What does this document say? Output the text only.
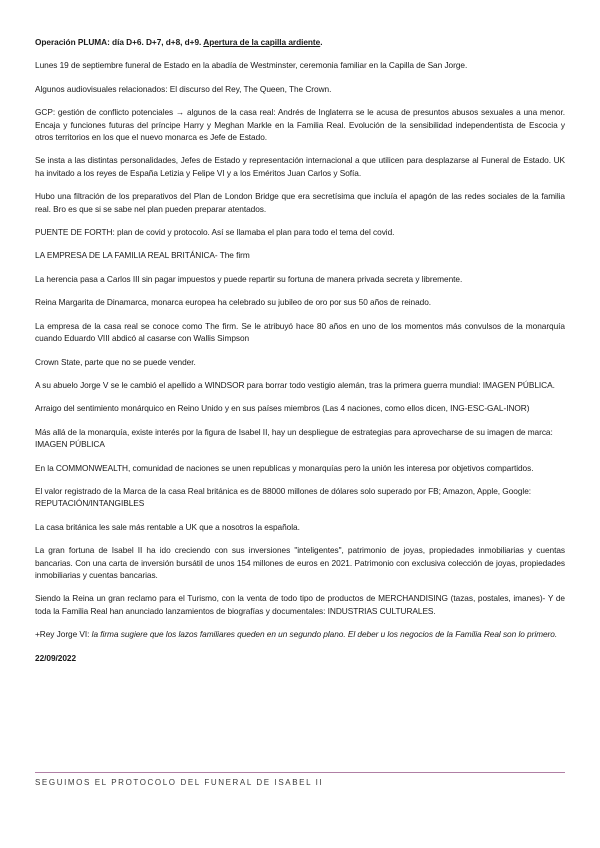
Operación PLUMA: día D+6. D+7, d+8, d+9. Apertura de la capilla ardiente.

Lunes 19 de septiembre funeral de Estado en la abadía de Westminster, ceremonia familiar en la Capilla de San Jorge.

Algunos audiovisuales relacionados: El discurso del Rey, The Queen, The Crown.

GCP: gestión de conflicto potenciales → algunos de la casa real: Andrés de Inglaterra se le acusa de presuntos abusos sexuales a una menor. Encaja y funciones futuras del príncipe Harry y Meghan Markle en la Familia Real. Evolución de la sensibilidad independentista de Escocia y otros territorios en los que el nuevo monarca es Jefe de Estado.

Se insta a las distintas personalidades, Jefes de Estado y representación internacional a que utilicen para desplazarse al Funeral de Estado. UK ha invitado a los reyes de España Letizia y Felipe VI y a los Eméritos Juan Carlos y Sofía.

Hubo una filtración de los preparativos del Plan de London Bridge que era secretísima que incluía el apagón de las redes sociales de la familia real. Bro es que si se sabe nel plan pueden preparar atentados.

PUENTE DE FORTH: plan de covid y protocolo. Así se llamaba el plan para todo el tema del covid.

LA EMPRESA DE LA FAMILIA REAL BRITÁNICA- The firm

La herencia pasa a Carlos III sin pagar impuestos y puede repartir su fortuna de manera privada secreta y libremente.

Reina Margarita de Dinamarca, monarca europea ha celebrado su jubileo de oro por sus 50 años de reinado.

La empresa de la casa real se conoce como The firm. Se le atribuyó hace 80 años en uno de los momentos más convulsos de la monarquía cuando Eduardo VIII abdicó al casarse con Wallis Simpson

Crown State, parte que no se puede vender.

A su abuelo Jorge V se le cambió el apellido a WINDSOR para borrar todo vestigio alemán, tras la primera guerra mundial: IMAGEN PÚBLICA.

Arraigo del sentimiento monárquico en Reino Unido y en sus países miembros (Las 4 naciones, como ellos dicen, ING-ESC-GAL-INOR)

Más allá de la monarquía, existe interés por la figura de Isabel II, hay un despliegue de estrategias para aprovecharse de su imagen de marca: IMAGEN PÚBLICA

En la COMMONWEALTH, comunidad de naciones se unen republicas y monarquías pero la unión les interesa por objetivos compartidos.

El valor registrado de la Marca de la casa Real británica es de 88000 millones de dólares solo superado por FB; Amazon, Apple, Google: REPUTACIÓN/INTANGIBLES

La casa británica les sale más rentable a UK que a nosotros la española.

La gran fortuna de Isabel II ha ido creciendo con sus inversiones "inteligentes", patrimonio de joyas, propiedades inmobiliarias y cuentas bancarias. Con una carta de inversión bursátil de unos 154 millones de euros en 2021. Patrimonio con exclusiva colección de joyas, propiedades inmobiliarias y cuentas bancarias.

Siendo la Reina un gran reclamo para el Turismo, con la venta de todo tipo de productos de MERCHANDISING (tazas, postales, imanes)- Y de toda la Familia Real han anunciado lanzamientos de biografías y documentales: INDUSTRIAS CULTURALES.

+Rey Jorge VI: la firma sugiere que los lazos familiares queden en un segundo plano. El deber u los negocios de la Familia Real son lo primero.

22/09/2022

SEGUIMOS EL PROTOCOLO DEL FUNERAL DE ISABEL II
